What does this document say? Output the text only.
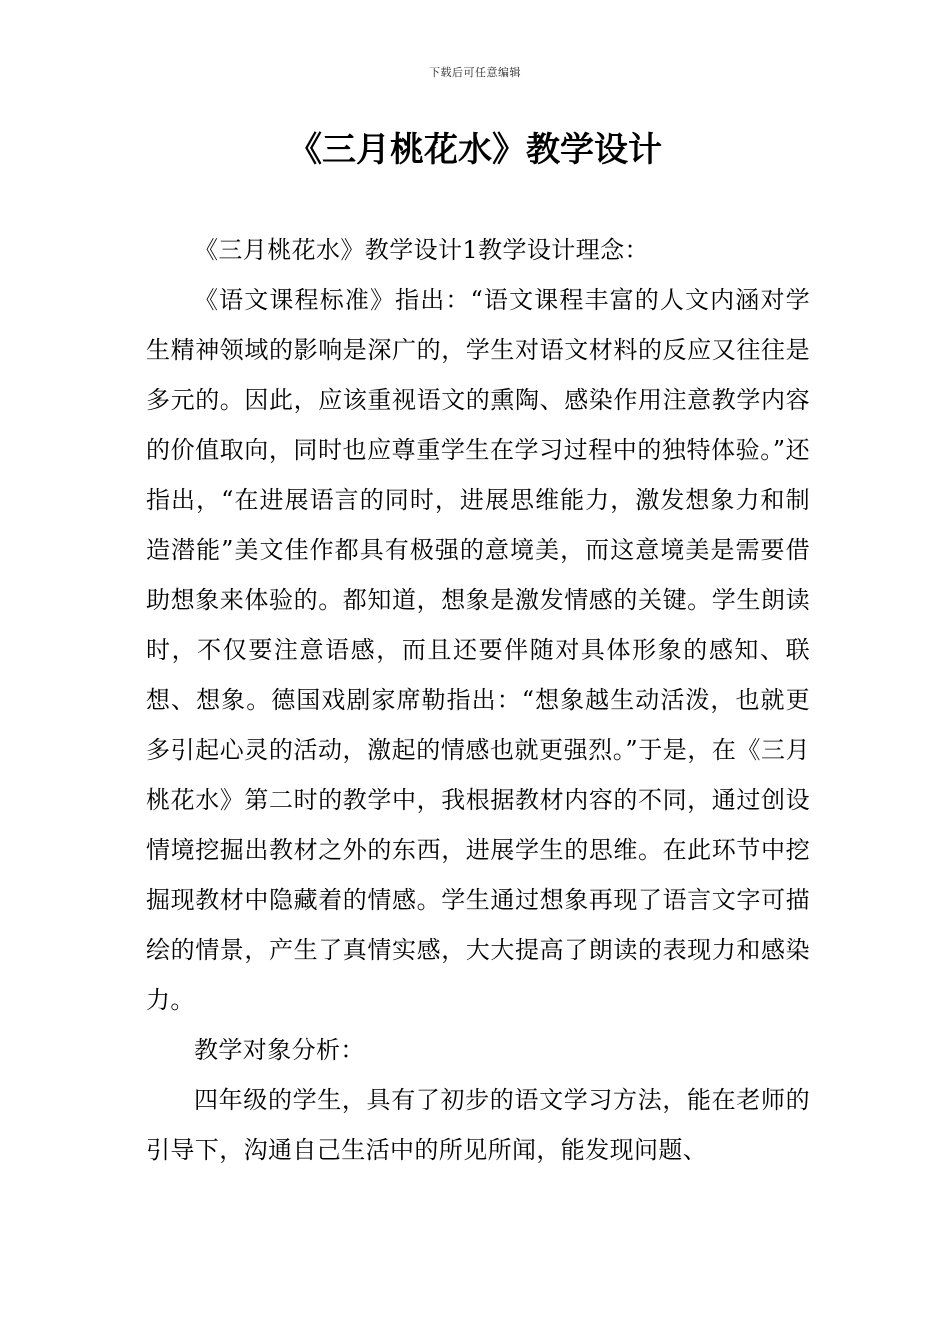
下载后可任意编辑
《三月桃花水》教学设计

《三月桃花水》教学设计1教学设计理念：

《语文课程标准》指出：“语文课程丰富的人文内涵对学生精神领域的影响是深广的，学生对语文材料的反应又往往是多元的。因此，应该重视语文的熏陶、感染作用注意教学内容的价值取向，同时也应尊重学生在学习过程中的独特体验。”还指出，“在进展语言的同时，进展思维能力，激发想象力和制造潜能”美文佳作都具有极强的意境美，而这意境美是需要借助想象来体验的。都知道，想象是激发情感的关键。学生朗读时，不仅要注意语感，而且还要伴随对具体形象的感知、联想、想象。德国戏剧家席勒指出：“想象越生动活泼，也就更多引起心灵的活动，激起的情感也就更强烈。”于是，在《三月桃花水》第二时的教学中，我根据教材内容的不同，通过创设情境挖掘出教材之外的东西，进展学生的思维。在此环节中挖掘现教材中隐藏着的情感。学生通过想象再现了语言文字可描绘的情景，产生了真情实感，大大提高了朗读的表现力和感染力。

教学对象分析：

四年级的学生，具有了初步的语文学习方法，能在老师的引导下，沟通自己生活中的所见所闻，能发现问题、
